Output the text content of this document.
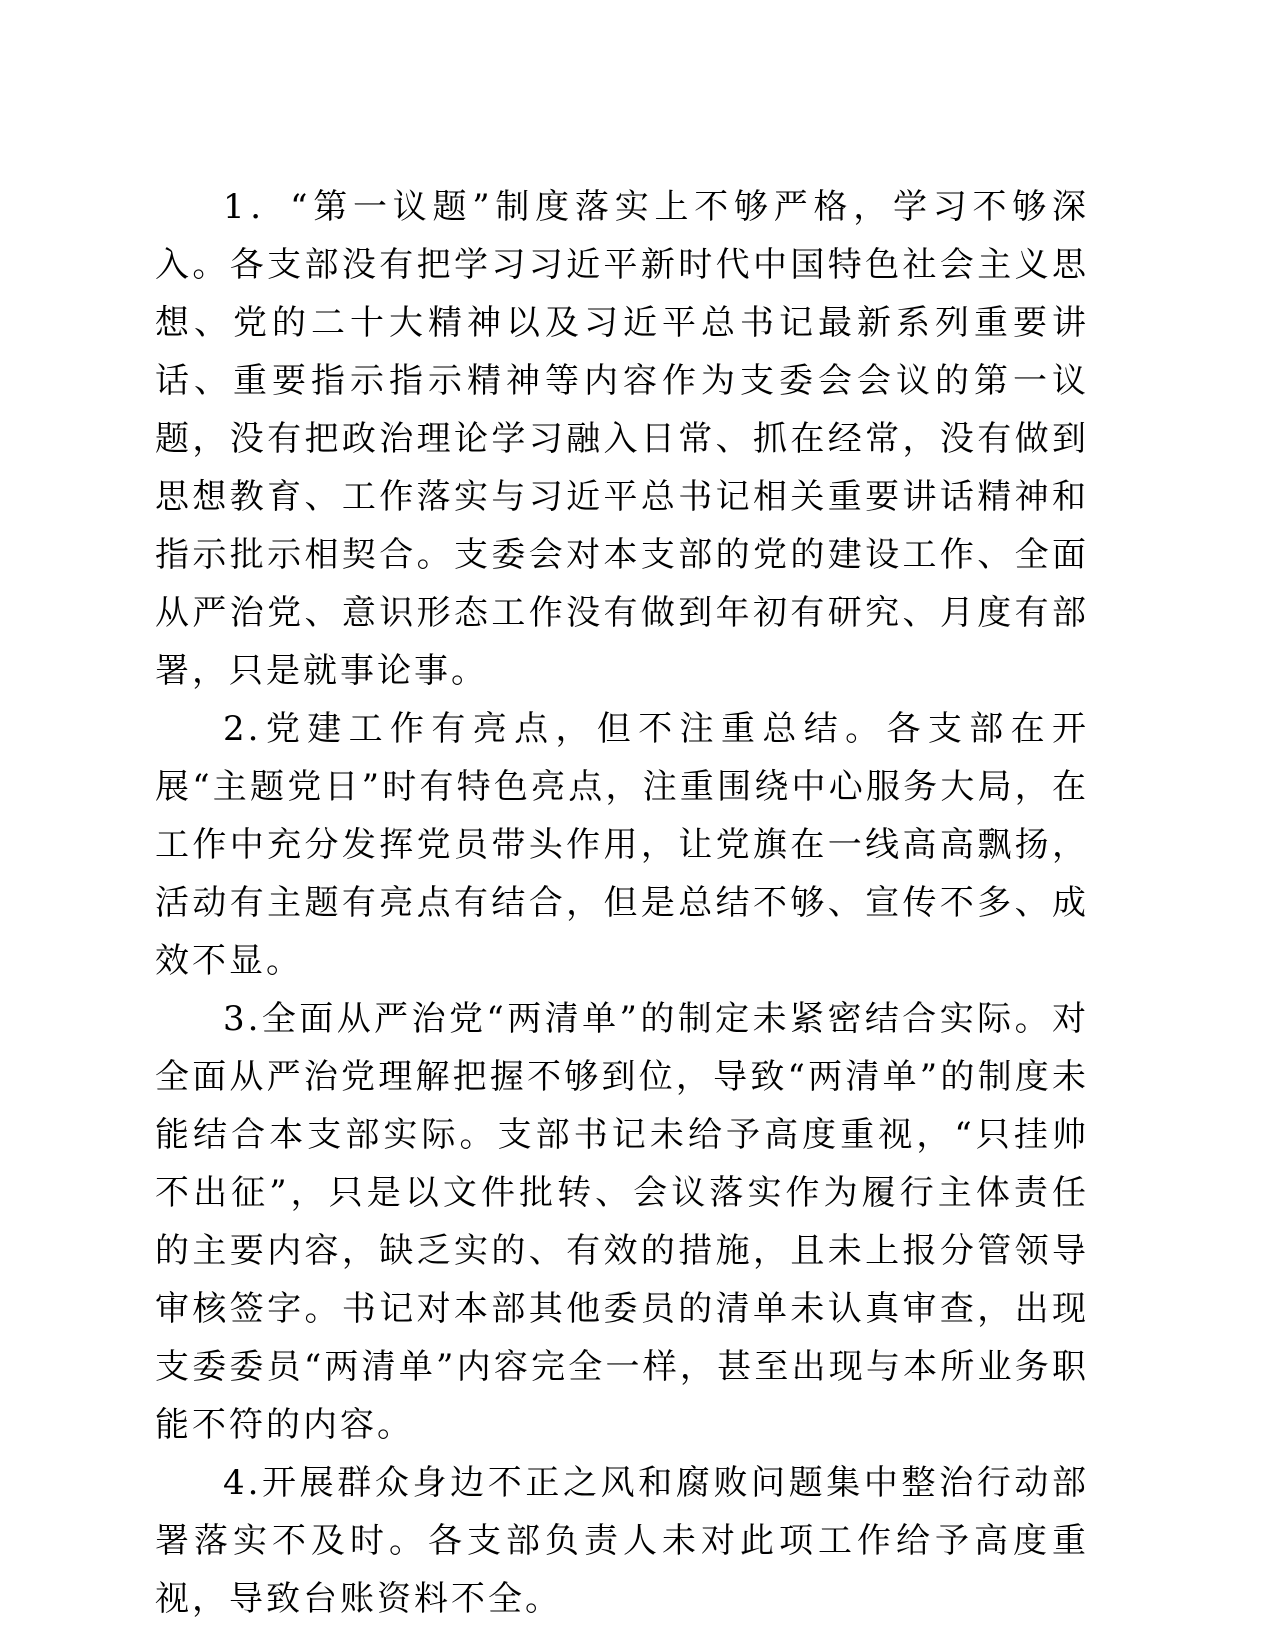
1．“第一议题”制度落实上不够严格，学习不够深入。各支部没有把学习习近平新时代中国特色社会主义思想、党的二十大精神以及习近平总书记最新系列重要讲话、重要指示指示精神等内容作为支委会会议的第一议题，没有把政治理论学习融入日常、抓在经常，没有做到思想教育、工作落实与习近平总书记相关重要讲话精神和指示批示相契合。支委会对本支部的党的建设工作、全面从严治党、意识形态工作没有做到年初有研究、月度有部署，只是就事论事。

2.党建工作有亮点，但不注重总结。各支部在开展“主题党日”时有特色亮点，注重围绕中心服务大局，在工作中充分发挥党员带头作用，让党旗在一线高高飘扬，活动有主题有亮点有结合，但是总结不够、宣传不多、成效不显。

3.全面从严治党“两清单”的制定未紧密结合实际。对全面从严治党理解把握不够到位，导致“两清单”的制度未能结合本支部实际。支部书记未给予高度重视，“只挂帅不出征”，只是以文件批转、会议落实作为履行主体责任的主要内容，缺乏实的、有效的措施，且未上报分管领导审核签字。书记对本部其他委员的清单未认真审查，出现支委委员“两清单”内容完全一样，甚至出现与本所业务职能不符的内容。

4.开展群众身边不正之风和腐败问题集中整治行动部署落实不及时。各支部负责人未对此项工作给予高度重视，导致台账资料不全。
